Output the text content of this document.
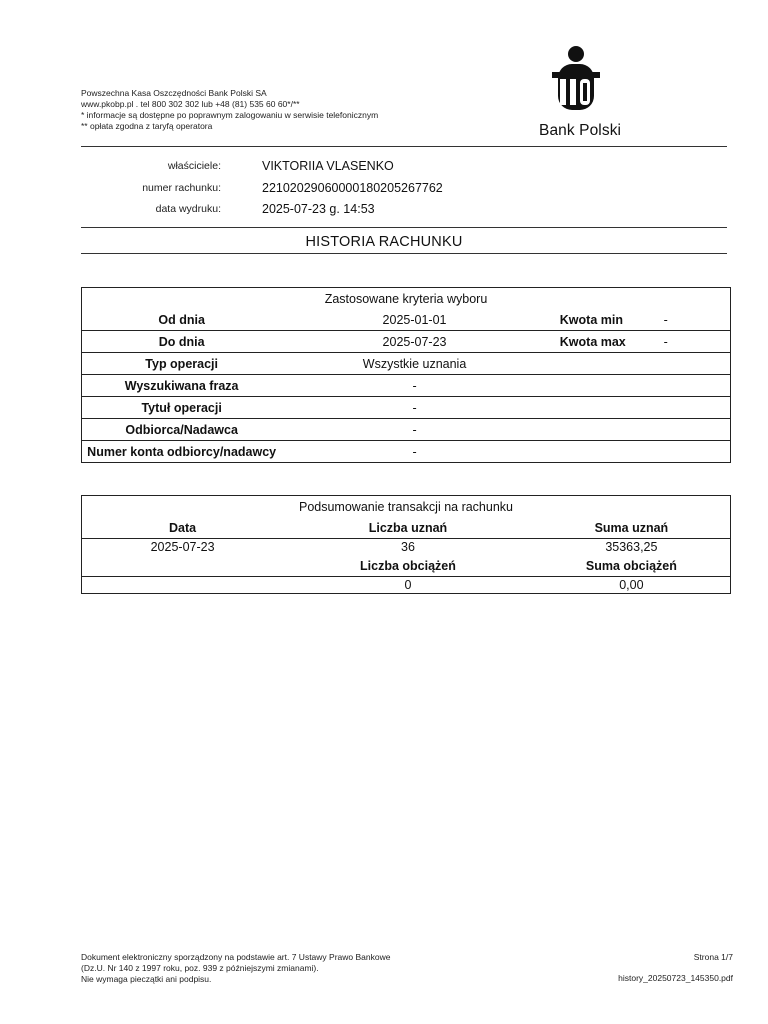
Powszechna Kasa Oszczędności Bank Polski SA
www.pkobp.pl . tel 800 302 302 lub +48 (81) 535 60 60*/**
* informacje są dostępne po poprawnym zalogowaniu w serwisie telefonicznym
** opłata zgodna z taryfą operatora	Bank Polski
właściciele:	VIKTORIIA VLASENKO
numer rachunku:	22102029060000180205267762
data wydruku:	2025-07-23 g. 14:53
HISTORIA RACHUNKU
Zastosowane kryteria wyboru			
Od dnia	2025-01-01	Kwota min	-
Do dnia	2025-07-23	Kwota max	-
Typ operacji	Wszystkie uznania		
Wyszukiwana fraza	-		
Tytuł operacji	-		
Odbiorca/Nadawca	-		
Numer konta odbiorcy/nadawcy	-		
Podsumowanie transakcji na rachunku		
Data	Liczba uznań	Suma uznań
2025-07-23	36	35363,25
	Liczba obciążeń	Suma obciążeń
	0	0,00
Dokument elektroniczny sporządzony na podstawie art. 7 Ustawy Prawo Bankowe
(Dz.U. Nr 140 z 1997 roku, poz. 939 z późniejszymi zmianami).
Nie wymaga pieczątki ani podpisu.
Strona 1/7
history_20250723_145350.pdf
